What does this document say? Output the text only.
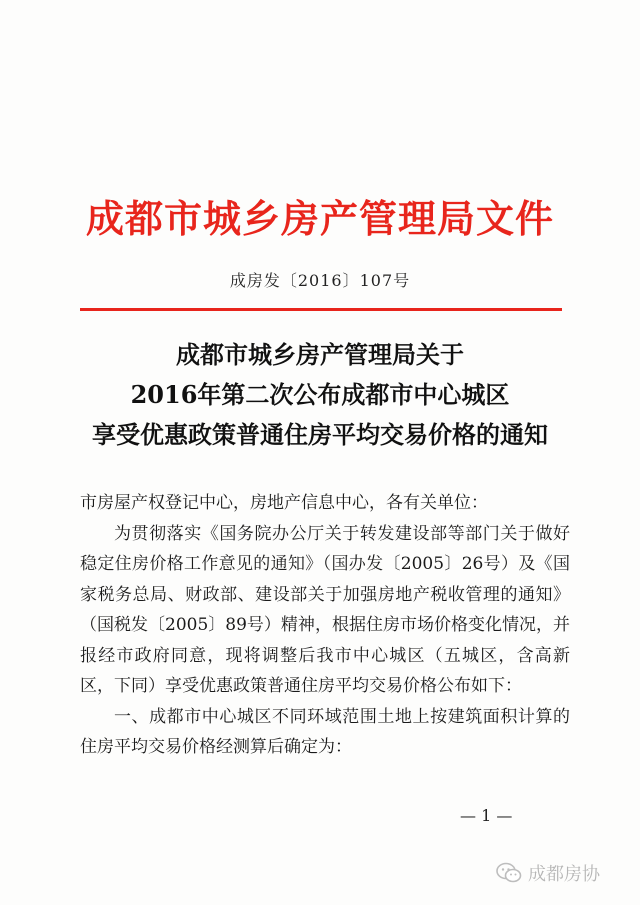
成都市城乡房产管理局文件
成房发〔2016〕107号
成都市城乡房产管理局关于
2016年第二次公布成都市中心城区
享受优惠政策普通住房平均交易价格的通知

市房屋产权登记中心，房地产信息中心，各有关单位：

为贯彻落实《国务院办公厅关于转发建设部等部门关于做好稳定住房价格工作意见的通知》（国办发〔2005〕26号）及《国家税务总局、财政部、建设部关于加强房地产税收管理的通知》（国税发〔2005〕89号）精神，根据住房市场价格变化情况，并报经市政府同意，现将调整后我市中心城区（五城区，含高新区，下同）享受优惠政策普通住房平均交易价格公布如下：

一、成都市中心城区不同环域范围土地上按建筑面积计算的住房平均交易价格经测算后确定为：

— 1 —
成都房协
